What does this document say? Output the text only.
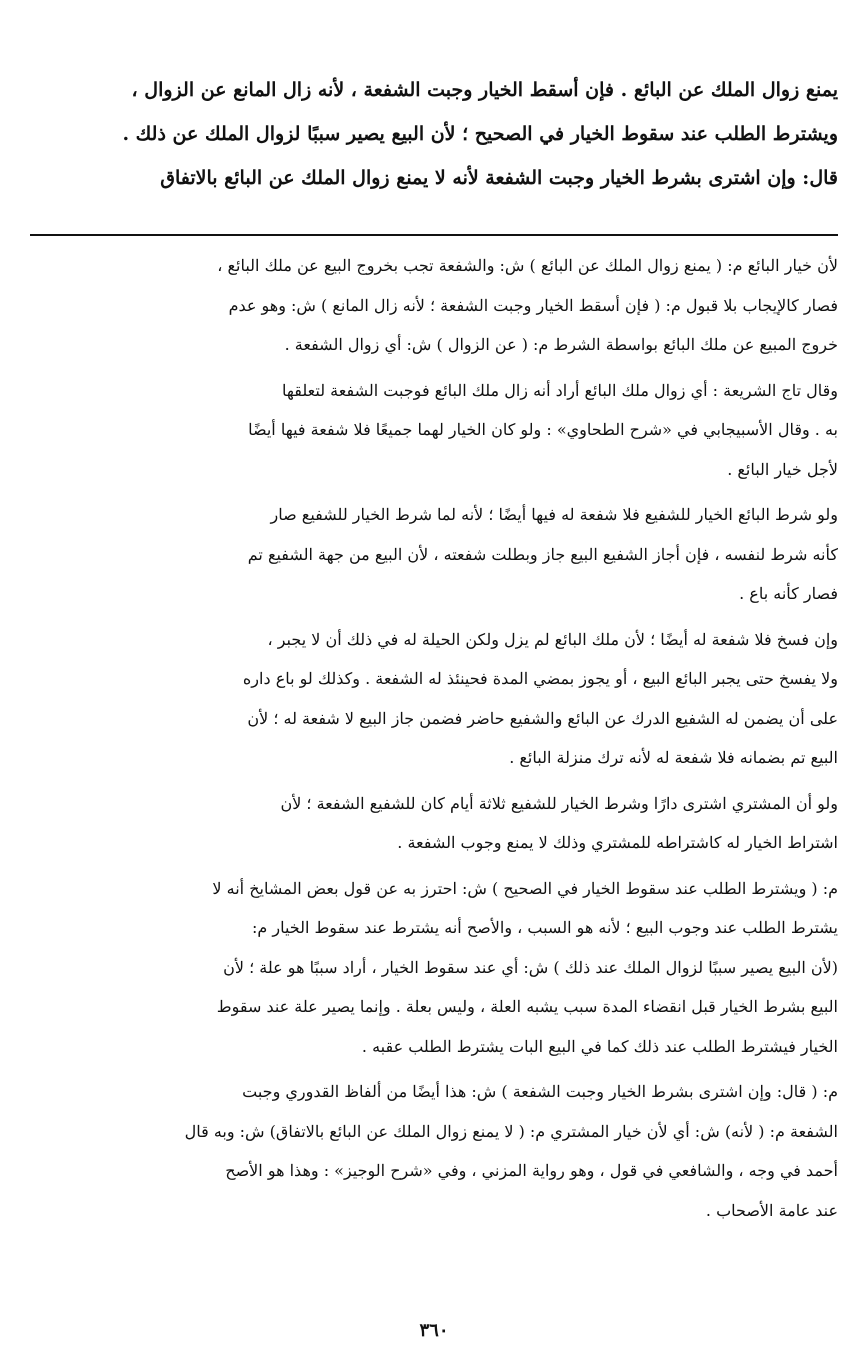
يمنع زوال الملك عن البائع . فإن أسقط الخيار وجبت الشفعة ، لأنه زال المانع عن الزوال ،
ويشترط الطلب عند سقوط الخيار في الصحيح ؛ لأن البيع يصير سببًا لزوال الملك عن ذلك .
قال: وإن اشترى بشرط الخيار وجبت الشفعة لأنه لا يمنع زوال الملك عن البائع بالاتفاق
لأن خيار البائع م: ( يمنع زوال الملك عن البائع ) ش: والشفعة تجب بخروج البيع عن ملك البائع ،
فصار كالإيجاب بلا قبول م: ( فإن أسقط الخيار وجبت الشفعة ؛ لأنه زال المانع ) ش: وهو عدم
خروج المبيع عن ملك البائع بواسطة الشرط م: ( عن الزوال ) ش: أي زوال الشفعة .
وقال تاج الشريعة : أي زوال ملك البائع أراد أنه زال ملك البائع فوجبت الشفعة لتعلقها
به . وقال الأسبيجابي في «شرح الطحاوي» : ولو كان الخيار لهما جميعًا فلا شفعة فيها أيضًا
لأجل خيار البائع .
ولو شرط البائع الخيار للشفيع فلا شفعة له فيها أيضًا ؛ لأنه لما شرط الخيار للشفيع صار
كأنه شرط لنفسه ، فإن أجاز الشفيع البيع جاز وبطلت شفعته ، لأن البيع من جهة الشفيع تم
فصار كأنه باع .
وإن فسخ فلا شفعة له أيضًا ؛ لأن ملك البائع لم يزل ولكن الحيلة له في ذلك أن لا يجبر ،
ولا يفسخ حتى يجبر البائع البيع ، أو يجوز بمضي المدة فحينئذ له الشفعة . وكذلك لو باع داره
على أن يضمن له الشفيع الدرك عن البائع والشفيع حاضر فضمن جاز البيع لا شفعة له ؛ لأن
البيع تم بضمانه فلا شفعة له لأنه ترك منزلة البائع .
ولو أن المشتري اشترى دارًا وشرط الخيار للشفيع ثلاثة أيام كان للشفيع الشفعة ؛ لأن
اشتراط الخيار له كاشتراطه للمشتري وذلك لا يمنع وجوب الشفعة .
م: ( ويشترط الطلب عند سقوط الخيار في الصحيح ) ش: احترز به عن قول بعض المشايخ أنه لا
يشترط الطلب عند وجوب البيع ؛ لأنه هو السبب ، والأصح أنه يشترط عند سقوط الخيار م:
(لأن البيع يصير سببًا لزوال الملك عند ذلك ) ش: أي عند سقوط الخيار ، أراد سببًا هو علة ؛ لأن
البيع بشرط الخيار قبل انقضاء المدة سبب يشبه العلة ، وليس بعلة . وإنما يصير علة عند سقوط
الخيار فيشترط الطلب عند ذلك كما في البيع البات يشترط الطلب عقبه .
م: ( قال: وإن اشترى بشرط الخيار وجبت الشفعة ) ش: هذا أيضًا من ألفاظ القدوري وجبت
الشفعة م: ( لأنه) ش: أي لأن خيار المشتري م: ( لا يمنع زوال الملك عن البائع بالاتفاق) ش: وبه قال
أحمد في وجه ، والشافعي في قول ، وهو رواية المزني ، وفي «شرح الوجيز» : وهذا هو الأصح
عند عامة الأصحاب .
٣٦٠
